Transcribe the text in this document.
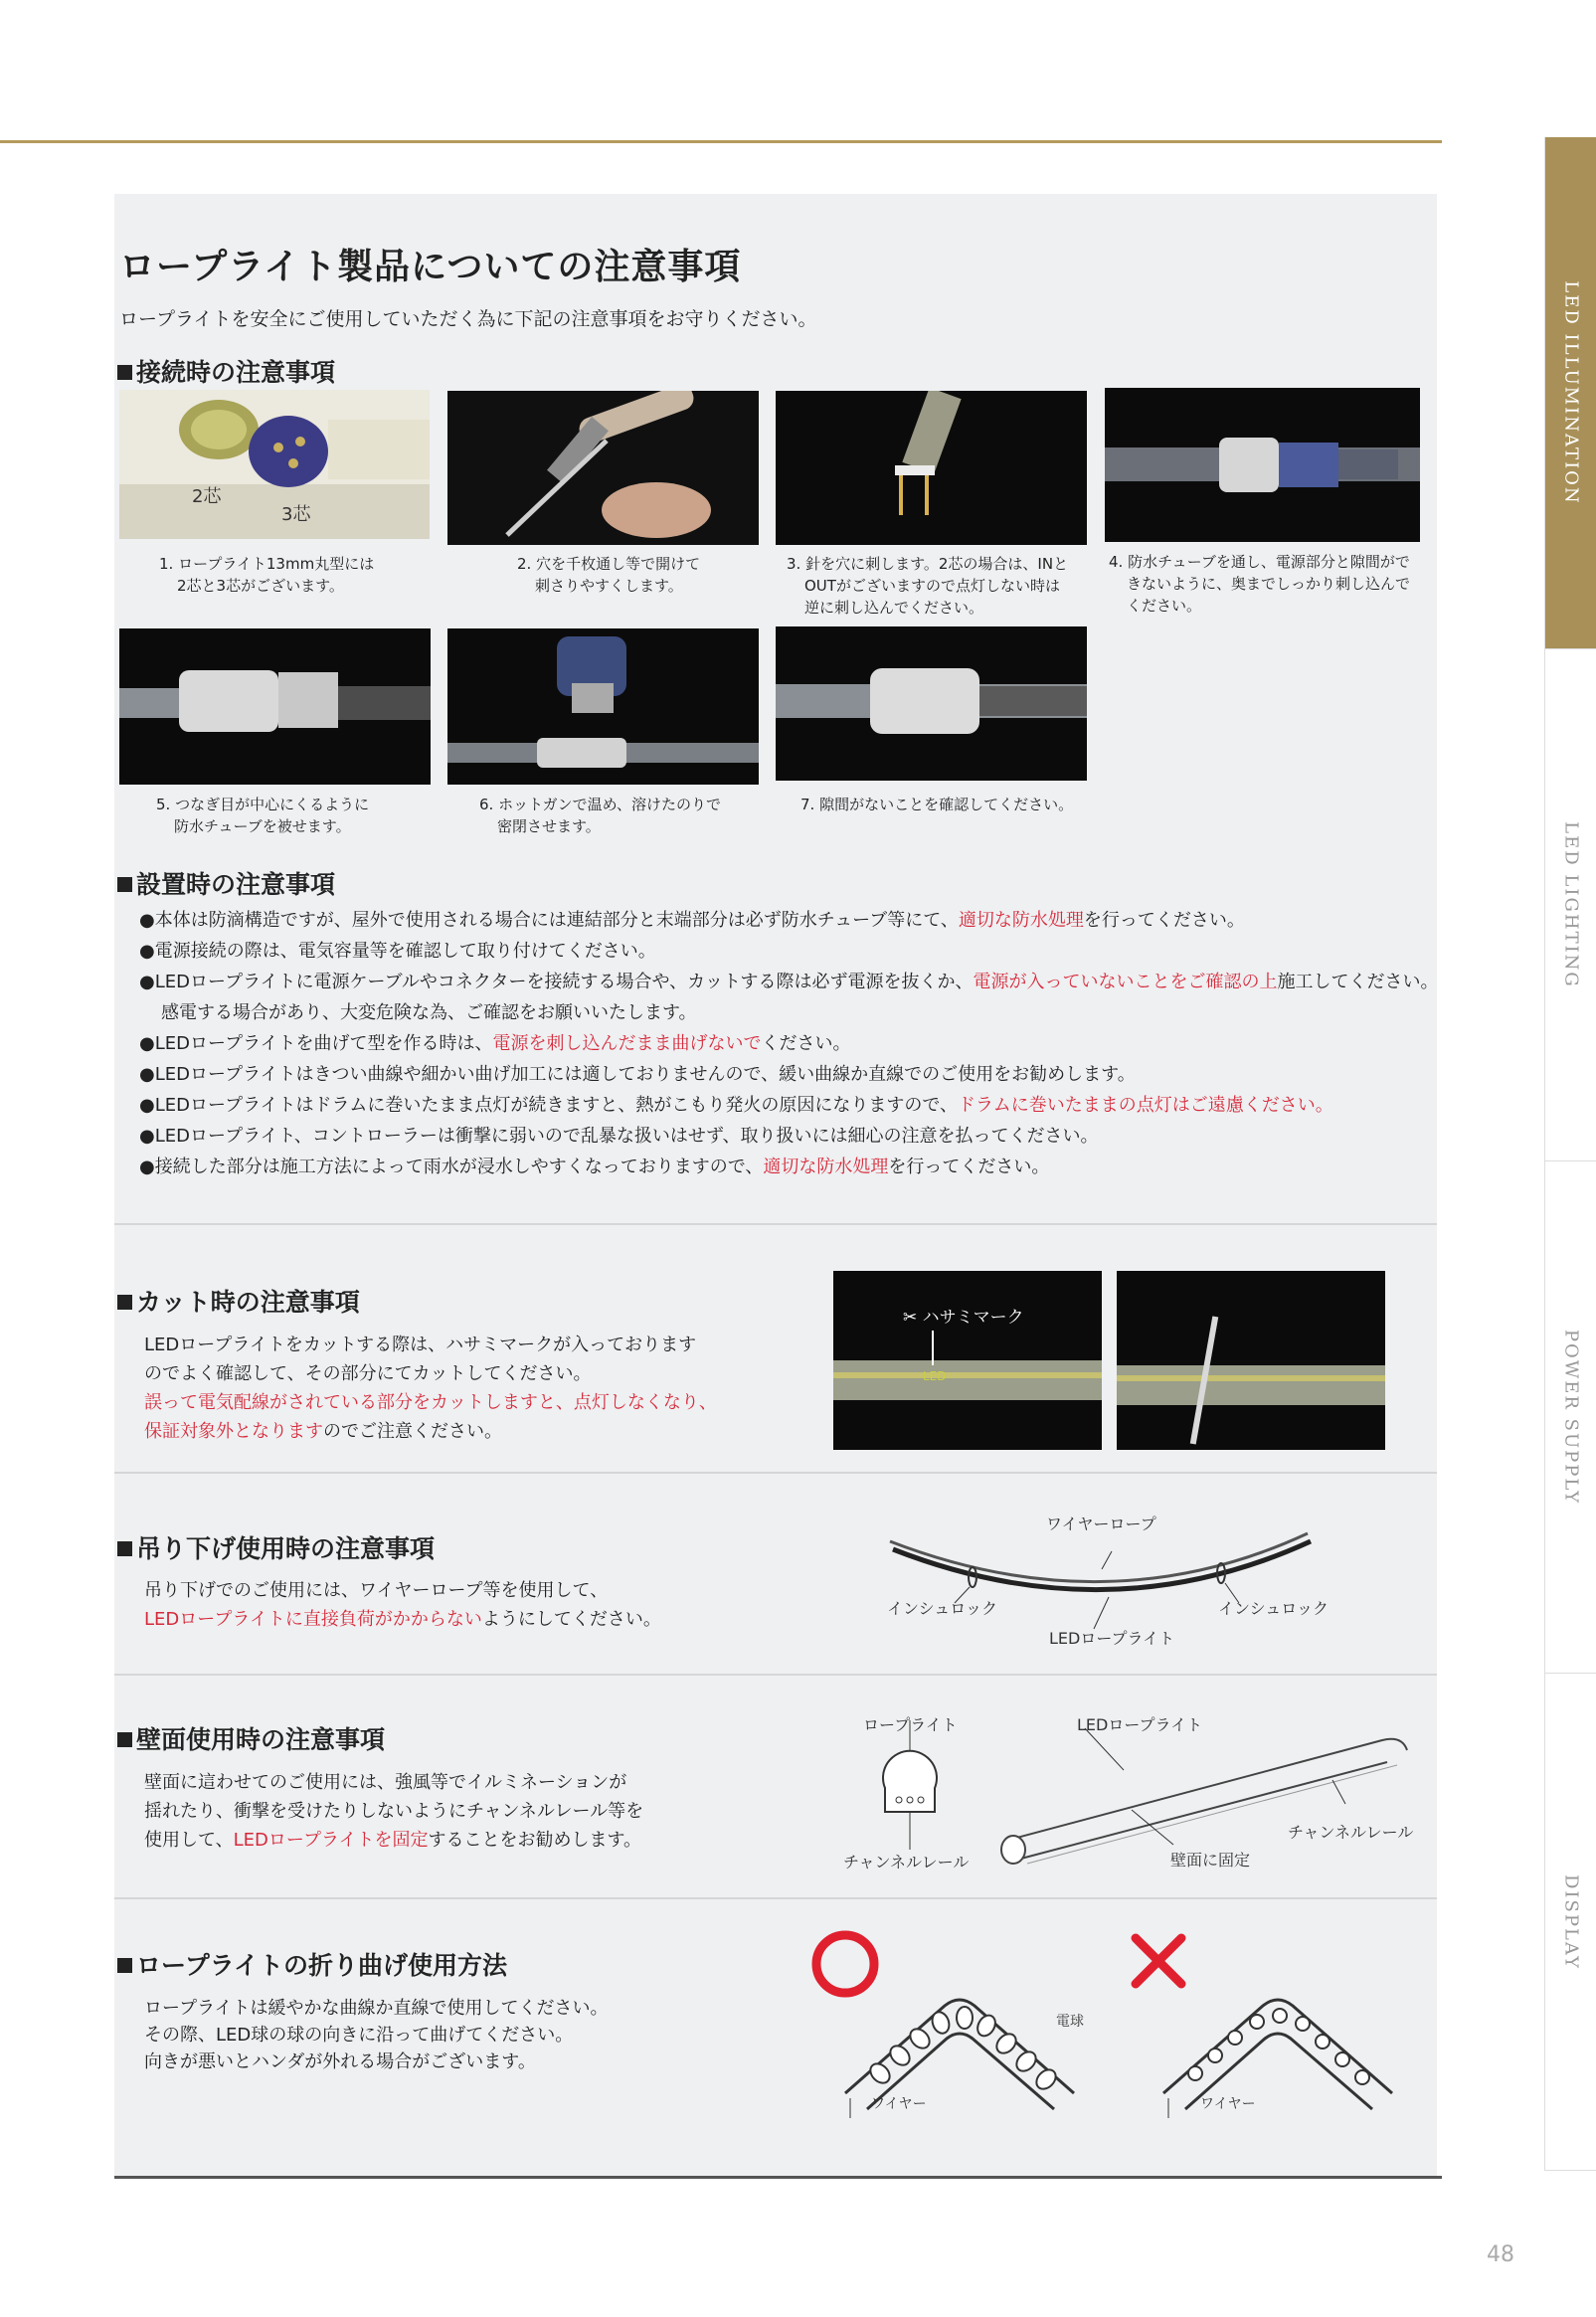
LED ILLUMINATION
LED LIGHTING
POWER SUPPLY
DISPLAY
ロープライト製品についての注意事項
ロープライトを安全にご使用していただく為に下記の注意事項をお守りください。
接続時の注意事項
2芯
3芯
1. ロープライト13mm丸型には
2芯と3芯がございます。
2. 穴を千枚通し等で開けて
刺さりやすくします。
3. 針を穴に刺します。2芯の場合は、INと
OUTがございますので点灯しない時は
逆に刺し込んでください。
4. 防水チューブを通し、電源部分と隙間がで
きないように、奥までしっかり刺し込んで
ください。
5. つなぎ目が中心にくるように
防水チューブを被せます。
6. ホットガンで温め、溶けたのりで
密閉させます。
7. 隙間がないことを確認してください。
設置時の注意事項
●本体は防滴構造ですが、屋外で使用される場合には連結部分と末端部分は必ず防水チューブ等にて、適切な防水処理を行ってください。
●電源接続の際は、電気容量等を確認して取り付けてください。
●LEDロープライトに電源ケーブルやコネクターを接続する場合や、カットする際は必ず電源を抜くか、電源が入っていないことをご確認の上施工してください。
感電する場合があり、大変危険な為、ご確認をお願いいたします。
●LEDロープライトを曲げて型を作る時は、電源を刺し込んだまま曲げないでください。
●LEDロープライトはきつい曲線や細かい曲げ加工には適しておりませんので、緩い曲線か直線でのご使用をお勧めします。
●LEDロープライトはドラムに巻いたまま点灯が続きますと、熱がこもり発火の原因になりますので、ドラムに巻いたままの点灯はご遠慮ください。
●LEDロープライト、コントローラーは衝撃に弱いので乱暴な扱いはせず、取り扱いには細心の注意を払ってください。
●接続した部分は施工方法によって雨水が浸水しやすくなっておりますので、適切な防水処理を行ってください。
カット時の注意事項
LEDロープライトをカットする際は、ハサミマークが入っております
のでよく確認して、その部分にてカットしてください。
誤って電気配線がされている部分をカットしますと、点灯しなくなり、
保証対象外となりますのでご注意ください。
LED
✂ ハサミマーク
吊り下げ使用時の注意事項
吊り下げでのご使用には、ワイヤーロープ等を使用して、
LEDロープライトに直接負荷がかからないようにしてください。
ワイヤーロープ
インシュロック	インシュロック
LEDロープライト
壁面使用時の注意事項
壁面に這わせてのご使用には、強風等でイルミネーションが
揺れたり、衝撃を受けたりしないようにチャンネルレール等を
使用して、LEDロープライトを固定することをお勧めします。
ロープライト
チャンネルレール
LEDロープライト
チャンネルレール
壁面に固定
ロープライトの折り曲げ使用方法
ロープライトは緩やかな曲線か直線で使用してください。
その際、LED球の球の向きに沿って曲げてください。
向きが悪いとハンダが外れる場合がございます。
電球
ワイヤー	ワイヤー
48
